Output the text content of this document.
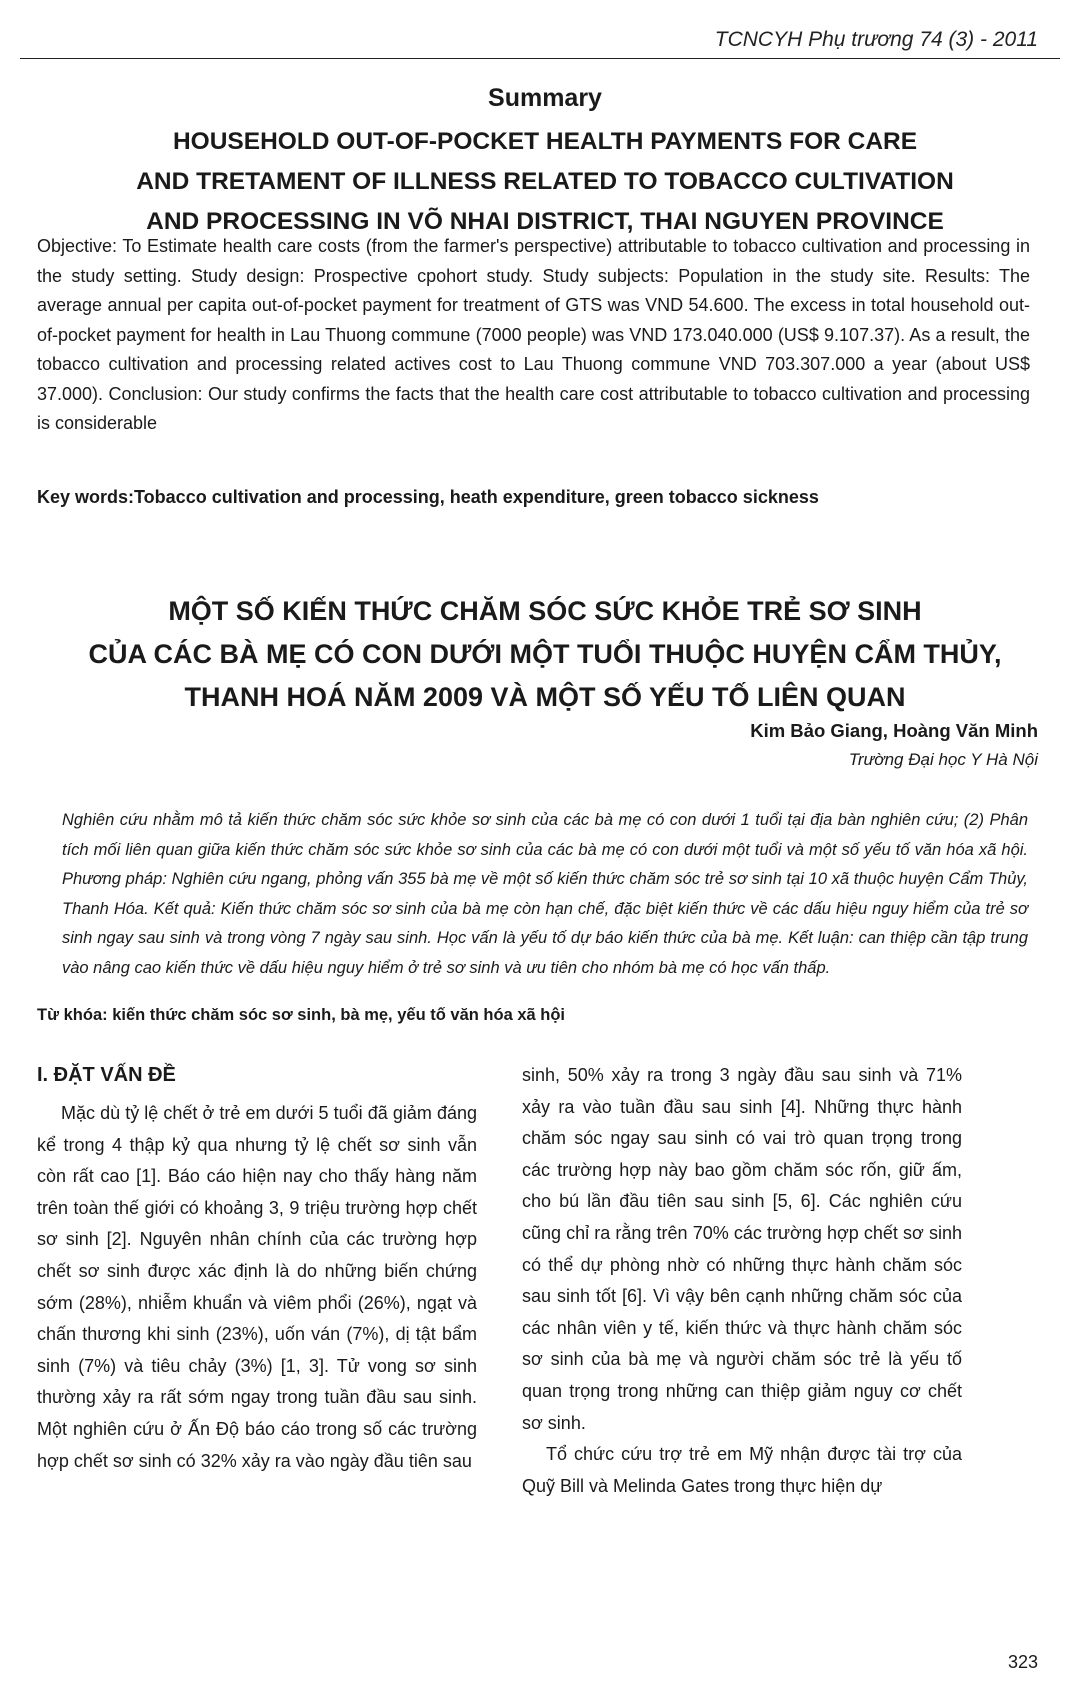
TCNCYH Phụ trương 74 (3) - 2011
Summary
HOUSEHOLD OUT-OF-POCKET HEALTH PAYMENTS FOR CARE
AND TRETAMENT OF ILLNESS RELATED TO TOBACCO CULTIVATION
AND PROCESSING IN VÕ NHAI DISTRICT, THAI NGUYEN PROVINCE
Objective: To Estimate health care costs (from the farmer's perspective) attributable to tobacco cultivation and processing in the study setting. Study design: Prospective cpohort study. Study subjects: Population in the study site. Results: The average annual per capita out-of-pocket payment for treatment of GTS was VND 54.600. The excess in total household out-of-pocket payment for health in Lau Thuong commune (7000 people) was VND 173.040.000 (US$ 9.107.37). As a result, the tobacco cultivation and processing related actives cost to Lau Thuong commune VND 703.307.000 a year (about US$ 37.000). Conclusion: Our study confirms the facts that the health care cost attributable to tobacco cultivation and processing is considerable
Key words:Tobacco cultivation and processing, heath expenditure, green tobacco sickness
MỘT SỐ KIẾN THỨC CHĂM SÓC SỨC KHỎE TRẺ SƠ SINH
CỦA CÁC BÀ MẸ CÓ CON DƯỚI MỘT TUỔI THUỘC HUYỆN CẨM THỦY,
THANH HOÁ NĂM 2009 VÀ MỘT SỐ YẾU TỐ LIÊN QUAN
Kim Bảo Giang, Hoàng Văn Minh
Trường Đại học Y Hà Nội
Nghiên cứu nhằm mô tả kiến thức chăm sóc sức khỏe sơ sinh của các bà mẹ có con dưới 1 tuổi tại địa bàn nghiên cứu; (2) Phân tích mối liên quan giữa kiến thức chăm sóc sức khỏe sơ sinh của các bà mẹ có con dưới một tuổi và một số yếu tố văn hóa xã hội. Phương pháp: Nghiên cứu ngang, phỏng vấn 355 bà mẹ về một số kiến thức chăm sóc trẻ sơ sinh tại 10 xã thuộc huyện Cẩm Thủy, Thanh Hóa. Kết quả: Kiến thức chăm sóc sơ sinh của bà mẹ còn hạn chế, đặc biệt kiến thức về các dấu hiệu nguy hiểm của trẻ sơ sinh ngay sau sinh và trong vòng 7 ngày sau sinh. Học vấn là yếu tố dự báo kiến thức của bà mẹ. Kết luận: can thiệp cần tập trung vào nâng cao kiến thức về dấu hiệu nguy hiểm ở trẻ sơ sinh và ưu tiên cho nhóm bà mẹ có học vấn thấp.
Từ khóa: kiến thức chăm sóc sơ sinh, bà mẹ, yếu tố văn hóa xã hội
I. ĐẶT VẤN ĐỀ

Mặc dù tỷ lệ chết ở trẻ em dưới 5 tuổi đã giảm đáng kể trong 4 thập kỷ qua nhưng tỷ lệ chết sơ sinh vẫn còn rất cao [1]. Báo cáo hiện nay cho thấy hàng năm trên toàn thế giới có khoảng 3, 9 triệu trường hợp chết sơ sinh [2]. Nguyên nhân chính của các trường hợp chết sơ sinh được xác định là do những biến chứng sớm (28%), nhiễm khuẩn và viêm phổi (26%), ngạt và chấn thương khi sinh (23%), uốn ván (7%), dị tật bẩm sinh (7%) và tiêu chảy (3%) [1, 3]. Tử vong sơ sinh thường xảy ra rất sớm ngay trong tuần đầu sau sinh. Một nghiên cứu ở Ấn Độ báo cáo trong số các trường hợp chết sơ sinh có 32% xảy ra vào ngày đầu tiên sau

sinh, 50% xảy ra trong 3 ngày đầu sau sinh và 71% xảy ra vào tuần đầu sau sinh [4]. Những thực hành chăm sóc ngay sau sinh có vai trò quan trọng trong các trường hợp này bao gồm chăm sóc rốn, giữ ấm, cho bú lần đầu tiên sau sinh [5, 6]. Các nghiên cứu cũng chỉ ra rằng trên 70% các trường hợp chết sơ sinh có thể dự phòng nhờ có những thực hành chăm sóc sau sinh tốt [6]. Vì vậy bên cạnh những chăm sóc của các nhân viên y tế, kiến thức và thực hành chăm sóc sơ sinh của bà mẹ và người chăm sóc trẻ là yếu tố quan trọng trong những can thiệp giảm nguy cơ chết sơ sinh.

Tổ chức cứu trợ trẻ em Mỹ nhận được tài trợ của Quỹ Bill và Melinda Gates trong thực hiện dự

323
